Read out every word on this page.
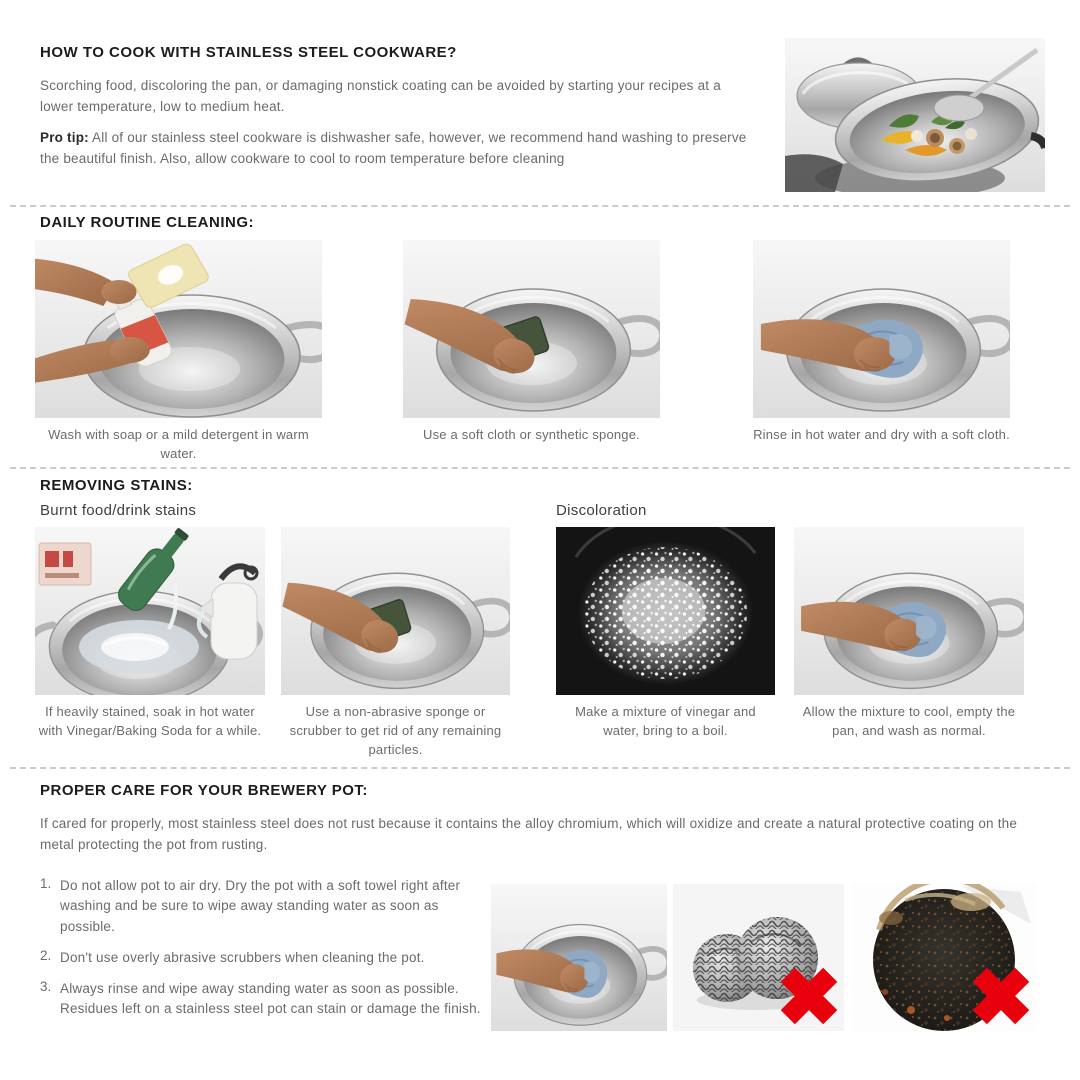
HOW TO COOK WITH STAINLESS STEEL COOKWARE?

Scorching food, discoloring the pan, or damaging nonstick coating can be avoided by starting your recipes at a lower temperature, low to medium heat.

Pro tip: All of our stainless steel cookware is dishwasher safe, however, we recommend hand washing to preserve the beautiful finish. Also, allow cookware to cool to room temperature before cleaning

DAILY ROUTINE CLEANING:
Wash with soap or a mild detergent in warm water.
Use a soft cloth or synthetic sponge.	Rinse in hot water and dry with a soft cloth.
REMOVING STAINS:
Burnt food/drink stains	Discoloration
If heavily stained, soak in hot water with Vinegar/Baking Soda for a while.
Use a non-abrasive sponge or scrubber to get rid of any remaining particles.
Make a mixture of vinegar and water, bring to a boil.
Allow the mixture to cool, empty the pan, and wash as normal.
PROPER CARE FOR YOUR BREWERY POT:

If cared for properly, most stainless steel does not rust because it contains the alloy chromium, which will oxidize and create a natural protective coating on the metal protecting the pot from rusting.

1. Do not allow pot to air dry. Dry the pot with a soft towel right after washing and be sure to wipe away standing water as soon as possible.
2. Don't use overly abrasive scrubbers when cleaning the pot.
3. Always rinse and wipe away standing water as soon as possible. Residues left on a stainless steel pot can stain or damage the finish.
